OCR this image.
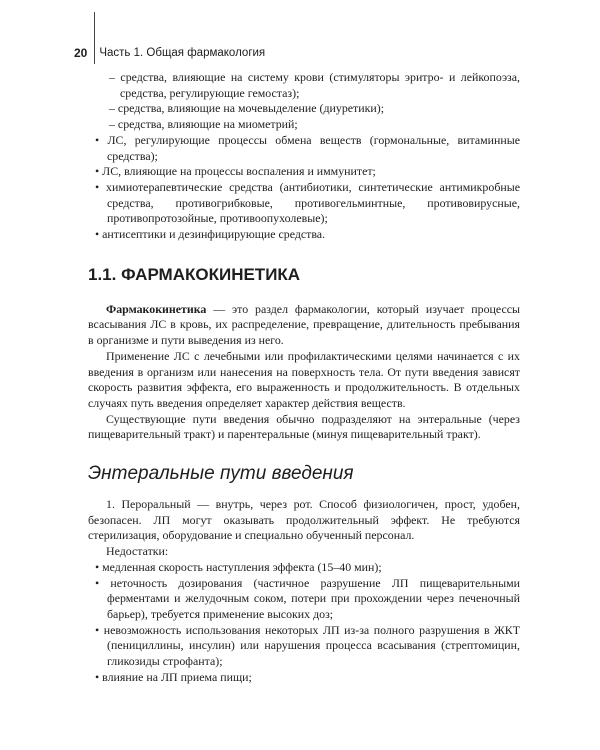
20 Часть 1. Общая фармакология
– средства, влияющие на систему крови (стимуляторы эритро- и лейкопоэза, средства, регулирующие гемостаз);
– средства, влияющие на мочевыделение (диуретики);
– средства, влияющие на миометрий;
• ЛС, регулирующие процессы обмена веществ (гормональные, витаминные средства);
• ЛС, влияющие на процессы воспаления и иммунитет;
• химиотерапевтические средства (антибиотики, синтетические антимикробные средства, противогрибковые, противогельминтные, противовирусные, противопротозойные, противоопухолевые);
• антисептики и дезинфицирующие средства.
1.1. ФАРМАКОКИНЕТИКА
Фармакокинетика — это раздел фармакологии, который изучает процессы всасывания ЛС в кровь, их распределение, превращение, длительность пребывания в организме и пути выведения из него.
Применение ЛС с лечебными или профилактическими целями начинается с их введения в организм или нанесения на поверхность тела. От пути введения зависят скорость развития эффекта, его выраженность и продолжительность. В отдельных случаях путь введения определяет характер действия веществ.
Существующие пути введения обычно подразделяют на энтеральные (через пищеварительный тракт) и парентеральные (минуя пищеварительный тракт).
Энтеральные пути введения
1. Пероральный — внутрь, через рот. Способ физиологичен, прост, удобен, безопасен. ЛП могут оказывать продолжительный эффект. Не требуются стерилизация, оборудование и специально обученный персонал.
Недостатки:
• медленная скорость наступления эффекта (15–40 мин);
• неточность дозирования (частичное разрушение ЛП пищеварительными ферментами и желудочным соком, потери при прохождении через печеночный барьер), требуется применение высоких доз;
• невозможность использования некоторых ЛП из-за полного разрушения в ЖКТ (пенициллины, инсулин) или нарушения процесса всасывания (стрептомицин, гликозиды строфанта);
• влияние на ЛП приема пищи;
